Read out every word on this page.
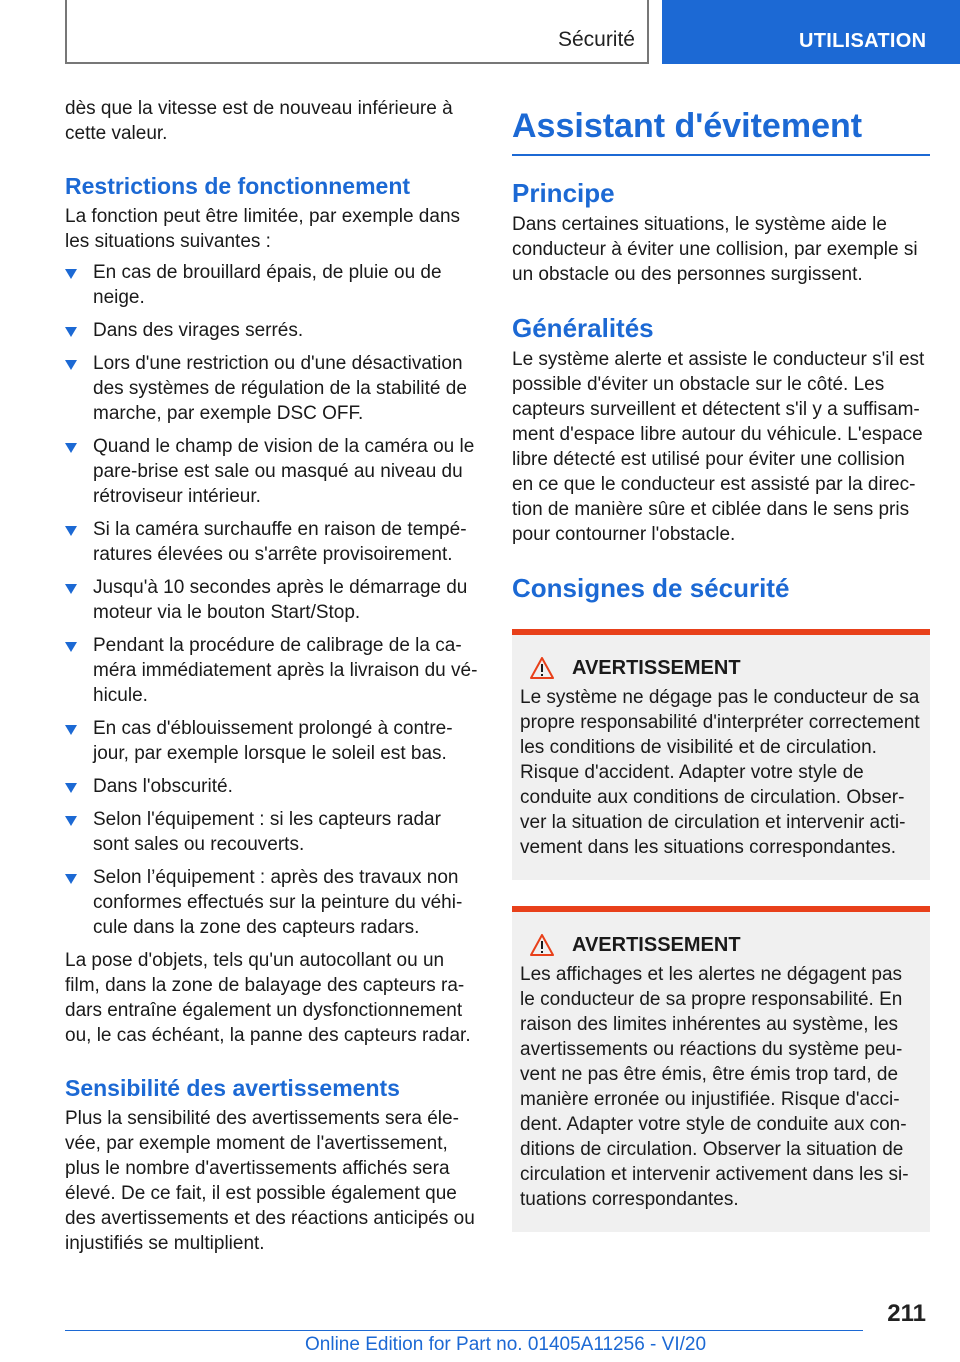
Sécurité	UTILISATION

dès que la vitesse est de nouveau inférieure à cette valeur.

Restrictions de fonctionnement

La fonction peut être limitée, par exemple dans les situations suivantes :

En cas de brouillard épais, de pluie ou de neige.
Dans des virages serrés.
Lors d'une restriction ou d'une désactivation des systèmes de régulation de la stabilité de marche, par exemple DSC OFF.
Quand le champ de vision de la caméra ou le pare-brise est sale ou masqué au niveau du rétroviseur intérieur.
Si la caméra surchauffe en raison de températures élevées ou s'arrête provisoirement.
Jusqu'à 10 secondes après le démarrage du moteur via le bouton Start/Stop.
Pendant la procédure de calibrage de la caméra immédiatement après la livraison du véhicule.
En cas d'éblouissement prolongé à contre-jour, par exemple lorsque le soleil est bas.
Dans l'obscurité.
Selon l'équipement : si les capteurs radar sont sales ou recouverts.
Selon l’équipement : après des travaux non conformes effectués sur la peinture du véhicule dans la zone des capteurs radars.

La pose d'objets, tels qu'un autocollant ou un film, dans la zone de balayage des capteurs radars entraîne également un dysfonctionnement ou, le cas échéant, la panne des capteurs radar.

Sensibilité des avertissements

Plus la sensibilité des avertissements sera élevée, par exemple moment de l'avertissement, plus le nombre d'avertissements affichés sera élevé. De ce fait, il est possible également que des avertissements et des réactions anticipés ou injustifiés se multiplient.

Assistant d'évitement
Principe

Dans certaines situations, le système aide le conducteur à éviter une collision, par exemple si un obstacle ou des personnes surgissent.

Généralités

Le système alerte et assiste le conducteur s'il est possible d'éviter un obstacle sur le côté. Les capteurs surveillent et détectent s'il y a suffisamment d'espace libre autour du véhicule. L'espace libre détecté est utilisé pour éviter une collision en ce que le conducteur est assisté par la direction de manière sûre et ciblée dans le sens pris pour contourner l'obstacle.

Consignes de sécurité
AVERTISSEMENT

Le système ne dégage pas le conducteur de sa propre responsabilité d'interpréter correctement les conditions de visibilité et de circulation. Risque d'accident. Adapter votre style de conduite aux conditions de circulation. Observer la situation de circulation et intervenir activement dans les situations correspondantes.

AVERTISSEMENT

Les affichages et les alertes ne dégagent pas le conducteur de sa propre responsabilité. En raison des limites inhérentes au système, les avertissements ou réactions du système peuvent ne pas être émis, être émis trop tard, de manière erronée ou injustifiée. Risque d'accident. Adapter votre style de conduite aux conditions de circulation. Observer la situation de circulation et intervenir activement dans les situations correspondantes.

211
Online Edition for Part no. 01405A11256 - VI/20
